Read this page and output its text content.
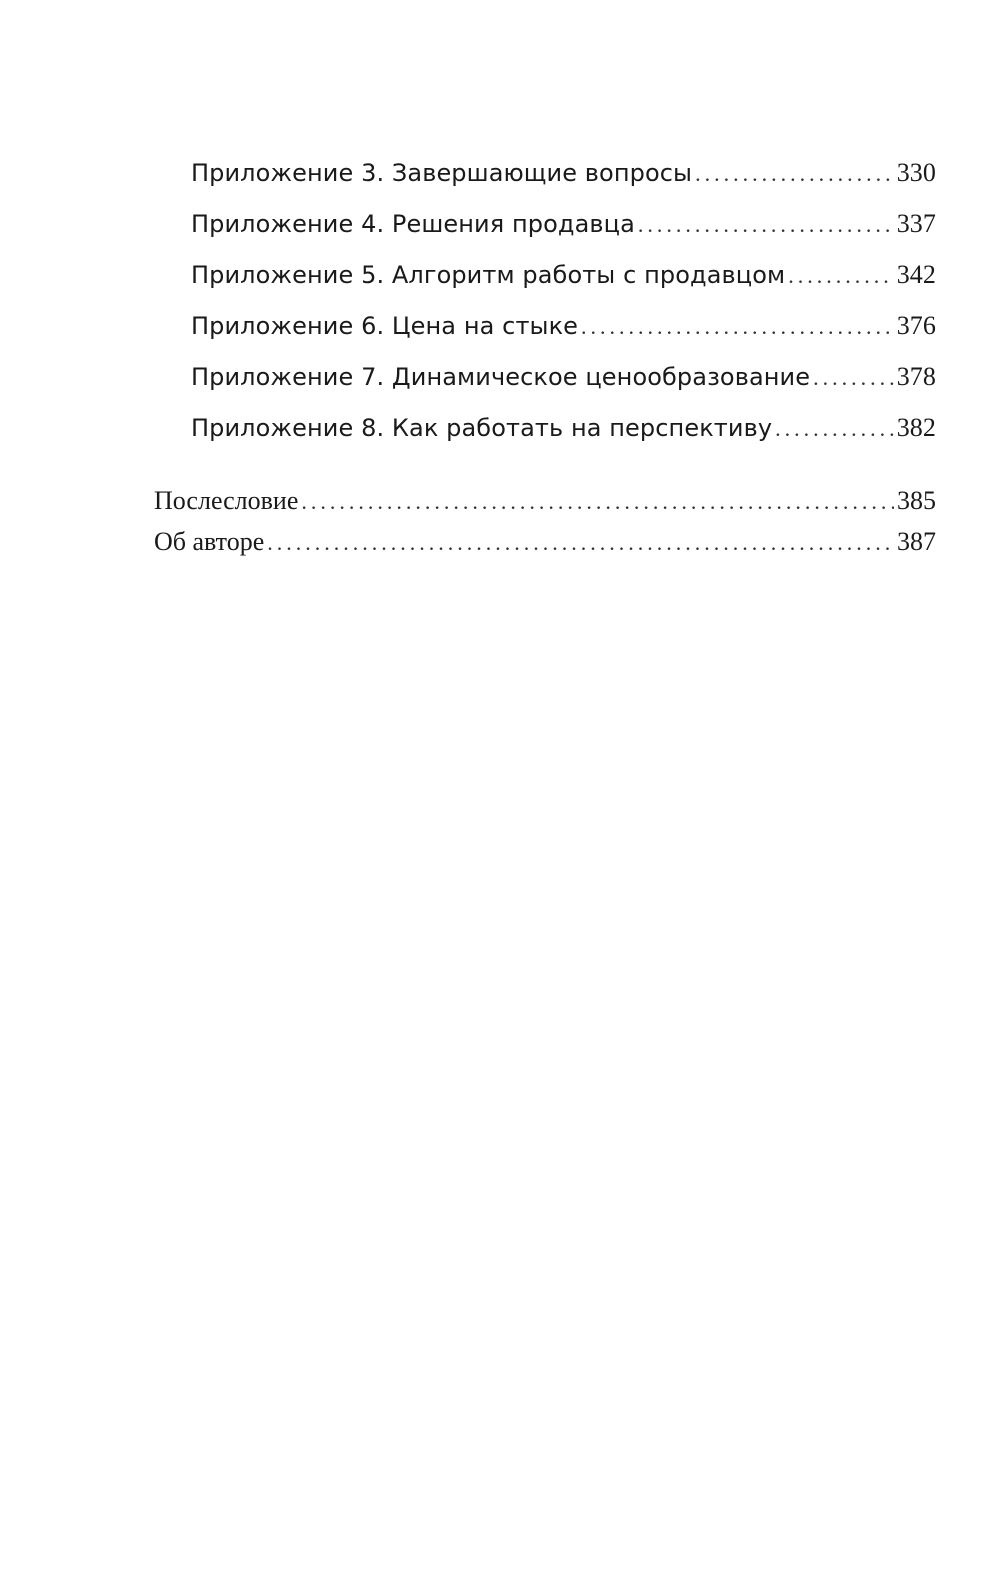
Приложение 3. Завершающие вопросы .....	330
Приложение 4. Решения продавца .....	337
Приложение 5. Алгоритм работы с продавцом .....	342
Приложение 6. Цена на стыке .....	376
Приложение 7. Динамическое ценообразование .....	378
Приложение 8. Как работать на перспективу .....	382
Послесловие .....	385
Об авторе .....	387
